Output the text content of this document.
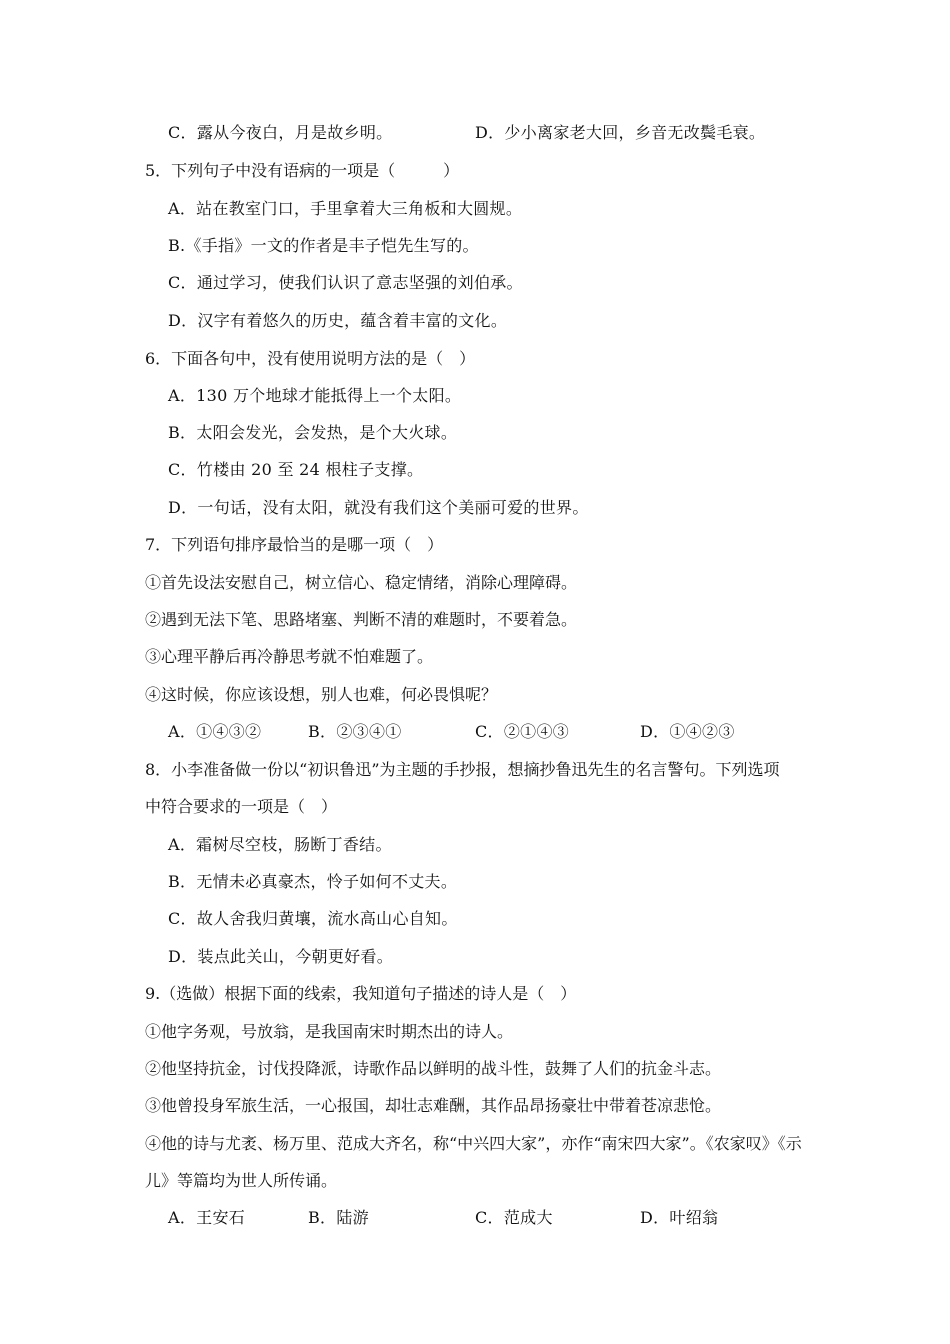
C．露从今夜白，月是故乡明。	D．少小离家老大回，乡音无改鬓毛衰。
5．下列句子中没有语病的一项是（　　　）
A．站在教室门口，手里拿着大三角板和大圆规。
B.《手指》一文的作者是丰子恺先生写的。
C．通过学习，使我们认识了意志坚强的刘伯承。
D．汉字有着悠久的历史，蕴含着丰富的文化。
6．下面各句中，没有使用说明方法的是（　）
A．130 万个地球才能抵得上一个太阳。
B．太阳会发光，会发热，是个大火球。
C．竹楼由 20 至 24 根柱子支撑。
D．一句话，没有太阳，就没有我们这个美丽可爱的世界。
7．下列语句排序最恰当的是哪一项（　）
①首先设法安慰自己，树立信心、稳定情绪，消除心理障碍。
②遇到无法下笔、思路堵塞、判断不清的难题时，不要着急。
③心理平静后再冷静思考就不怕难题了。
④这时候，你应该设想，别人也难，何必畏惧呢？
A．①④③②	B．②③④①	C．②①④③	D．①④②③
8．小李准备做一份以“初识鲁迅”为主题的手抄报，想摘抄鲁迅先生的名言警句。下列选项
中符合要求的一项是（　）
A．霜树尽空枝，肠断丁香结。
B．无情未必真豪杰，怜子如何不丈夫。
C．故人舍我归黄壤，流水高山心自知。
D．装点此关山，今朝更好看。
9.（选做）根据下面的线索，我知道句子描述的诗人是（　）
①他字务观，号放翁，是我国南宋时期杰出的诗人。
②他坚持抗金，讨伐投降派，诗歌作品以鲜明的战斗性，鼓舞了人们的抗金斗志。
③他曾投身军旅生活，一心报国，却壮志难酬，其作品昂扬豪壮中带着苍凉悲怆。
④他的诗与尤袤、杨万里、范成大齐名，称“中兴四大家”，亦作“南宋四大家”。《农家叹》《示
儿》等篇均为世人所传诵。
A．王安石	B．陆游	C．范成大	D．叶绍翁
